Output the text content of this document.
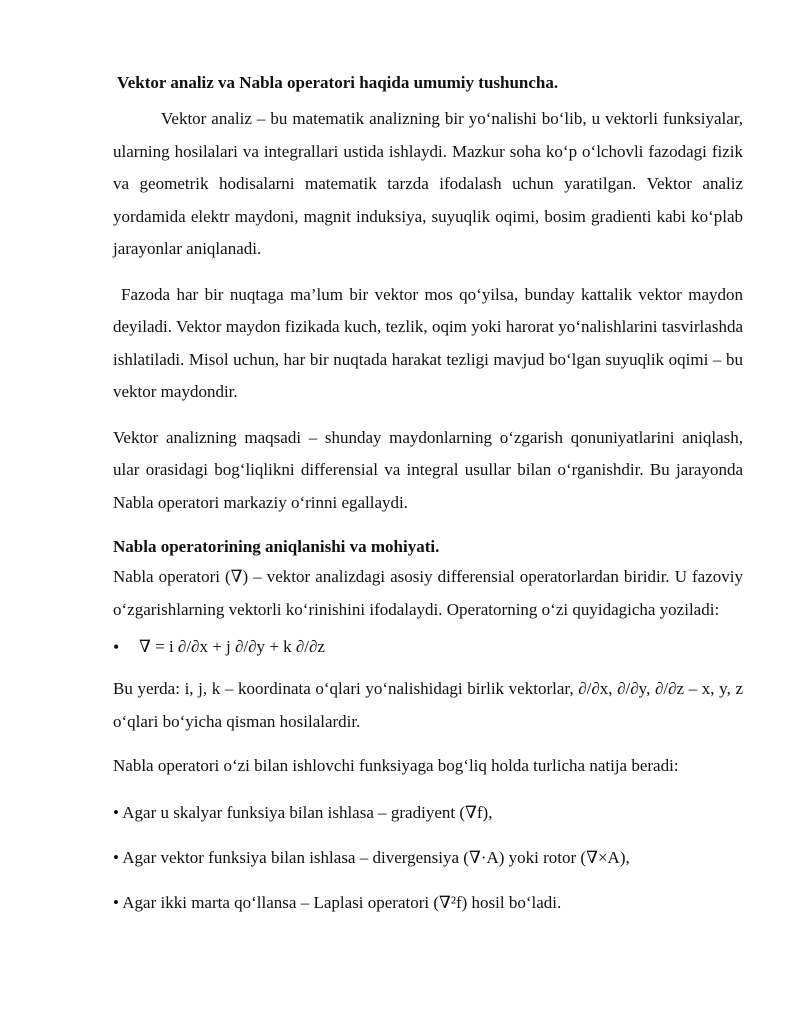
Vektor analiz va Nabla operatori haqida umumiy tushuncha.

Vektor analiz – bu matematik analizning bir yo‘nalishi bo‘lib, u vektorli funksiyalar, ularning hosilalari va integrallari ustida ishlaydi. Mazkur soha ko‘p o‘lchovli fazodagi fizik va geometrik hodisalarni matematik tarzda ifodalash uchun yaratilgan. Vektor analiz yordamida elektr maydoni, magnit induksiya, suyuqlik oqimi, bosim gradienti kabi ko‘plab jarayonlar aniqlanadi.

Fazoda har bir nuqtaga ma’lum bir vektor mos qo‘yilsa, bunday kattalik vektor maydon deyiladi. Vektor maydon fizikada kuch, tezlik, oqim yoki harorat yo‘nalishlarini tasvirlashda ishlatiladi. Misol uchun, har bir nuqtada harakat tezligi mavjud bo‘lgan suyuqlik oqimi – bu vektor maydondir.

Vektor analizning maqsadi – shunday maydonlarning o‘zgarish qonuniyatlarini aniqlash, ular orasidagi bog‘liqlikni differensial va integral usullar bilan o‘rganishdir. Bu jarayonda Nabla operatori markaziy o‘rinni egallaydi.

Nabla operatorining aniqlanishi va mohiyati.

Nabla operatori (∇) – vektor analizdagi asosiy differensial operatorlardan biridir. U fazoviy o‘zgarishlarning vektorli ko‘rinishini ifodalaydi. Operatorning o‘zi quyidagicha yoziladi:

•	∇ = i ∂/∂x + j ∂/∂y + k ∂/∂z

Bu yerda: i, j, k – koordinata o‘qlari yo‘nalishidagi birlik vektorlar, ∂/∂x, ∂/∂y, ∂/∂z – x, y, z o‘qlari bo‘yicha qisman hosilalardir.

Nabla operatori o‘zi bilan ishlovchi funksiyaga bog‘liq holda turlicha natija beradi:

• Agar u skalyar funksiya bilan ishlasa – gradiyent (∇f),

• Agar vektor funksiya bilan ishlasa – divergensiya (∇·A) yoki rotor (∇×A),

• Agar ikki marta qo‘llansa – Laplasi operatori (∇²f) hosil bo‘ladi.
